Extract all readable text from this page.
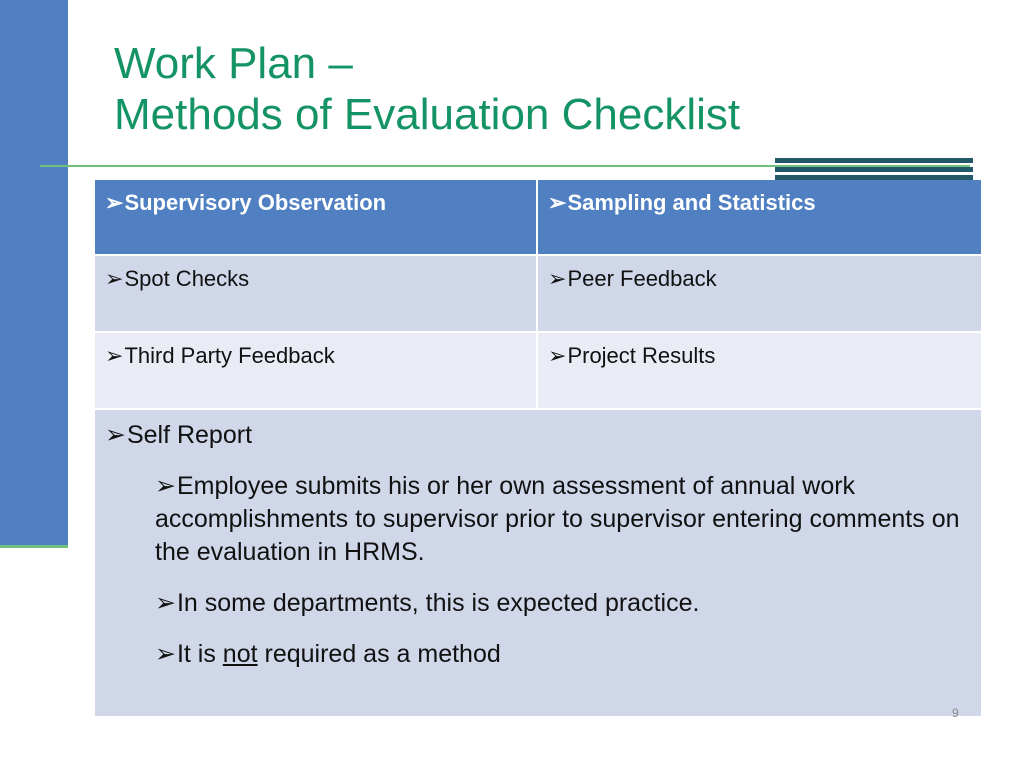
Work Plan –
Methods of Evaluation Checklist
➢Supervisory Observation	➢Sampling and Statistics
➢Spot Checks	➢Peer Feedback
➢Third Party Feedback	➢Project Results
➢Self Report

➢Employee submits his or her own assessment of annual work accomplishments to supervisor prior to supervisor entering comments on the evaluation in HRMS.

➢In some departments, this is expected practice.

➢It is not required as a method

9
